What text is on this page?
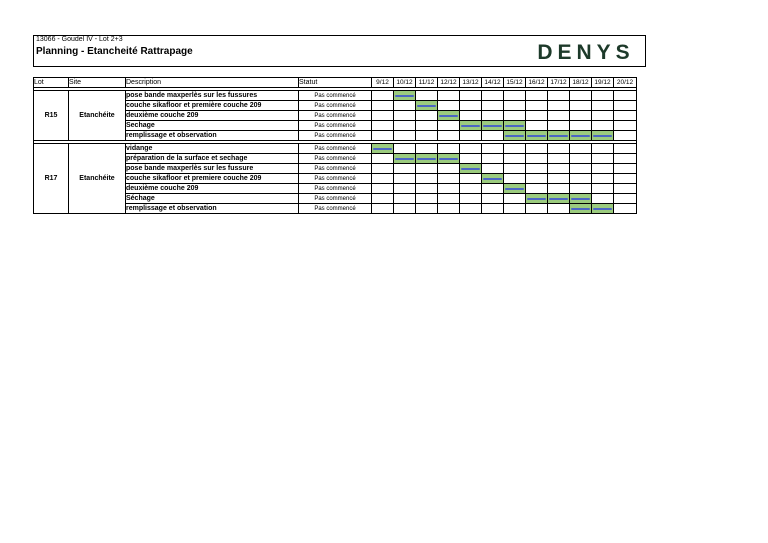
13066 - Goudel IV - Lot 2+3
Planning - Etancheité Rattrapage	DENYS
Lot	Site	Description	Statut	9/12	10/12	11/12	12/12	13/12	14/12	15/12	16/12	17/12	18/12	19/12	20/12

R15	Etanchéite	pose bande maxperlès sur les fussures	Pas commencé												
		couche sikafloor et première couche 209	Pas commencé												
		deuxième couche 209	Pas commencé												
		Sechage	Pas commencé												
		remplissage et observation	Pas commencé												

R17	Etanchéite	vidange	Pas commencé												
		préparation de la surface et sechage	Pas commencé												
		pose bande maxperlès sur les fussure	Pas commencé												
		couche sikafloor et premiere couche 209	Pas commencé												
		deuxième couche 209	Pas commencé												
		Séchage	Pas commencé												
		remplissage et observation	Pas commencé												
